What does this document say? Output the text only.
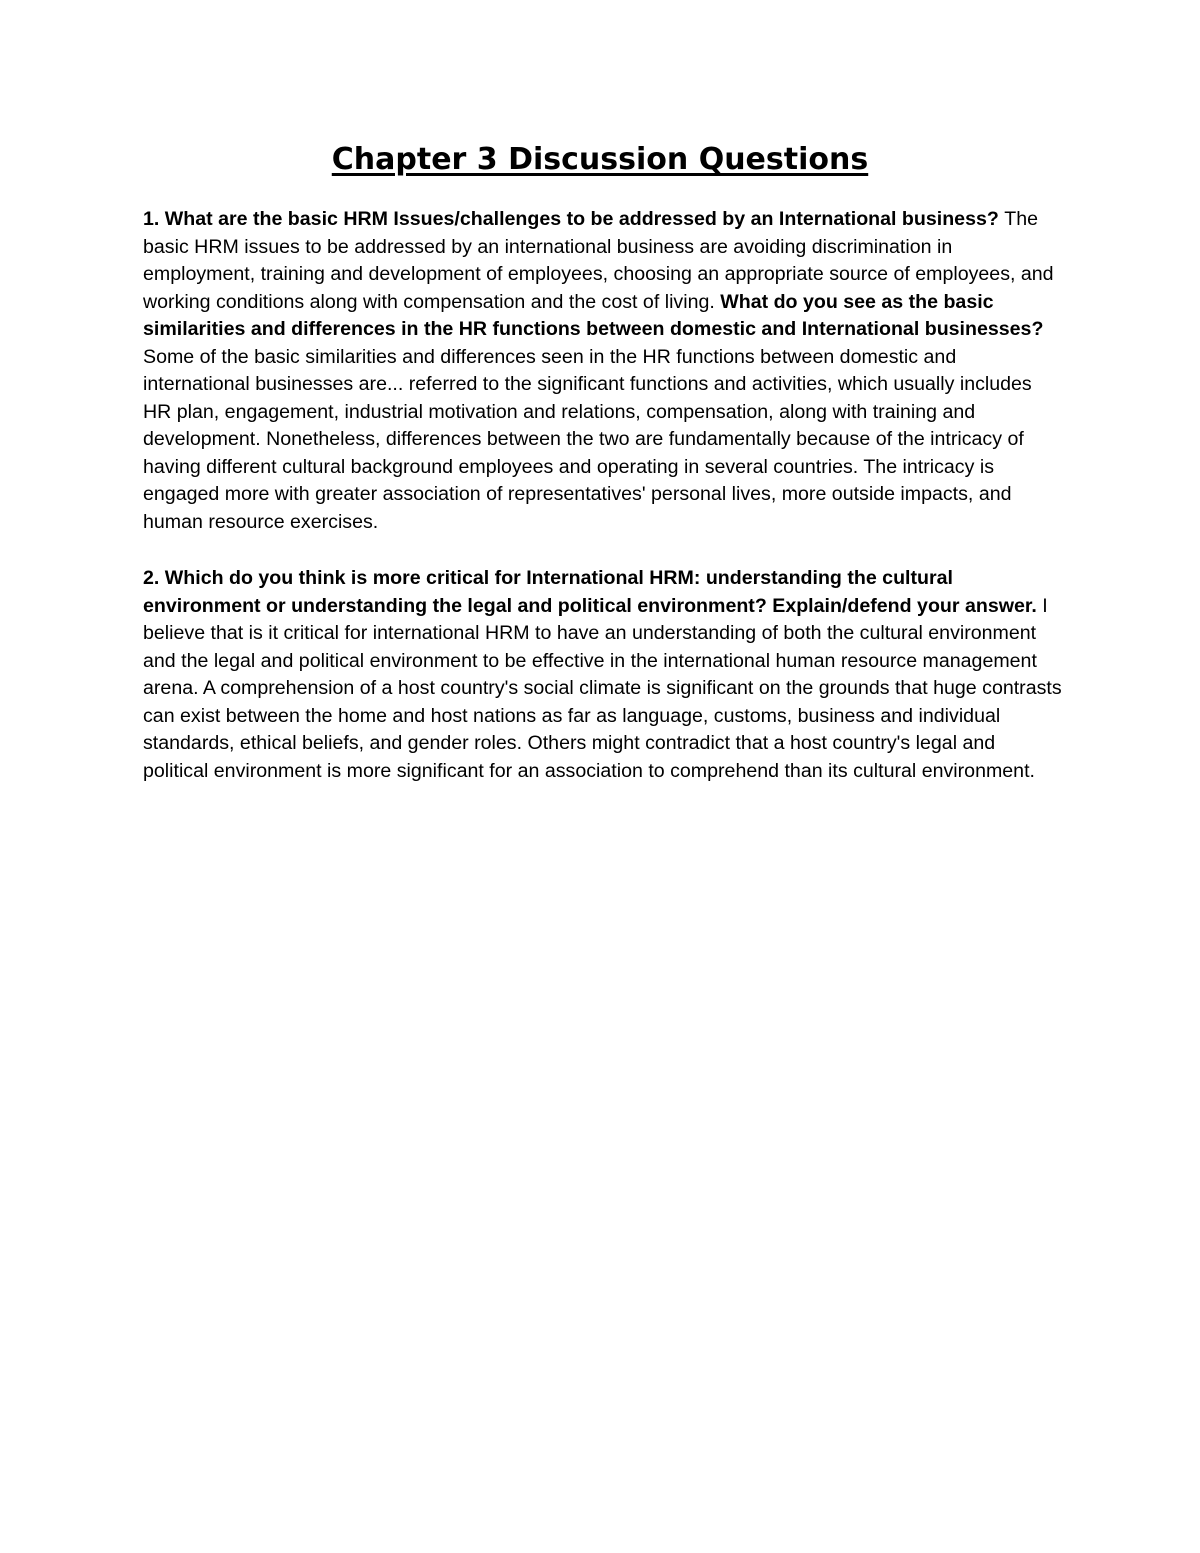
Chapter 3 Discussion Questions

1. What are the basic HRM Issues/challenges to be addressed by an International business? The basic HRM issues to be addressed by an international business are avoiding discrimination in employment, training and development of employees, choosing an appropriate source of employees, and working conditions along with compensation and the cost of living. What do you see as the basic similarities and differences in the HR functions between domestic and International businesses? Some of the basic similarities and differences seen in the HR functions between domestic and international businesses are... referred to the significant functions and activities, which usually includes HR plan, engagement, industrial motivation and relations, compensation, along with training and development. Nonetheless, differences between the two are fundamentally because of the intricacy of having different cultural background employees and operating in several countries. The intricacy is engaged more with greater association of representatives' personal lives, more outside impacts, and human resource exercises.

2. Which do you think is more critical for International HRM: understanding the cultural environment or understanding the legal and political environment? Explain/defend your answer. I believe that is it critical for international HRM to have an understanding of both the cultural environment and the legal and political environment to be effective in the international human resource management arena. A comprehension of a host country's social climate is significant on the grounds that huge contrasts can exist between the home and host nations as far as language, customs, business and individual standards, ethical beliefs, and gender roles. Others might contradict that a host country's legal and political environment is more significant for an association to comprehend than its cultural environment.
